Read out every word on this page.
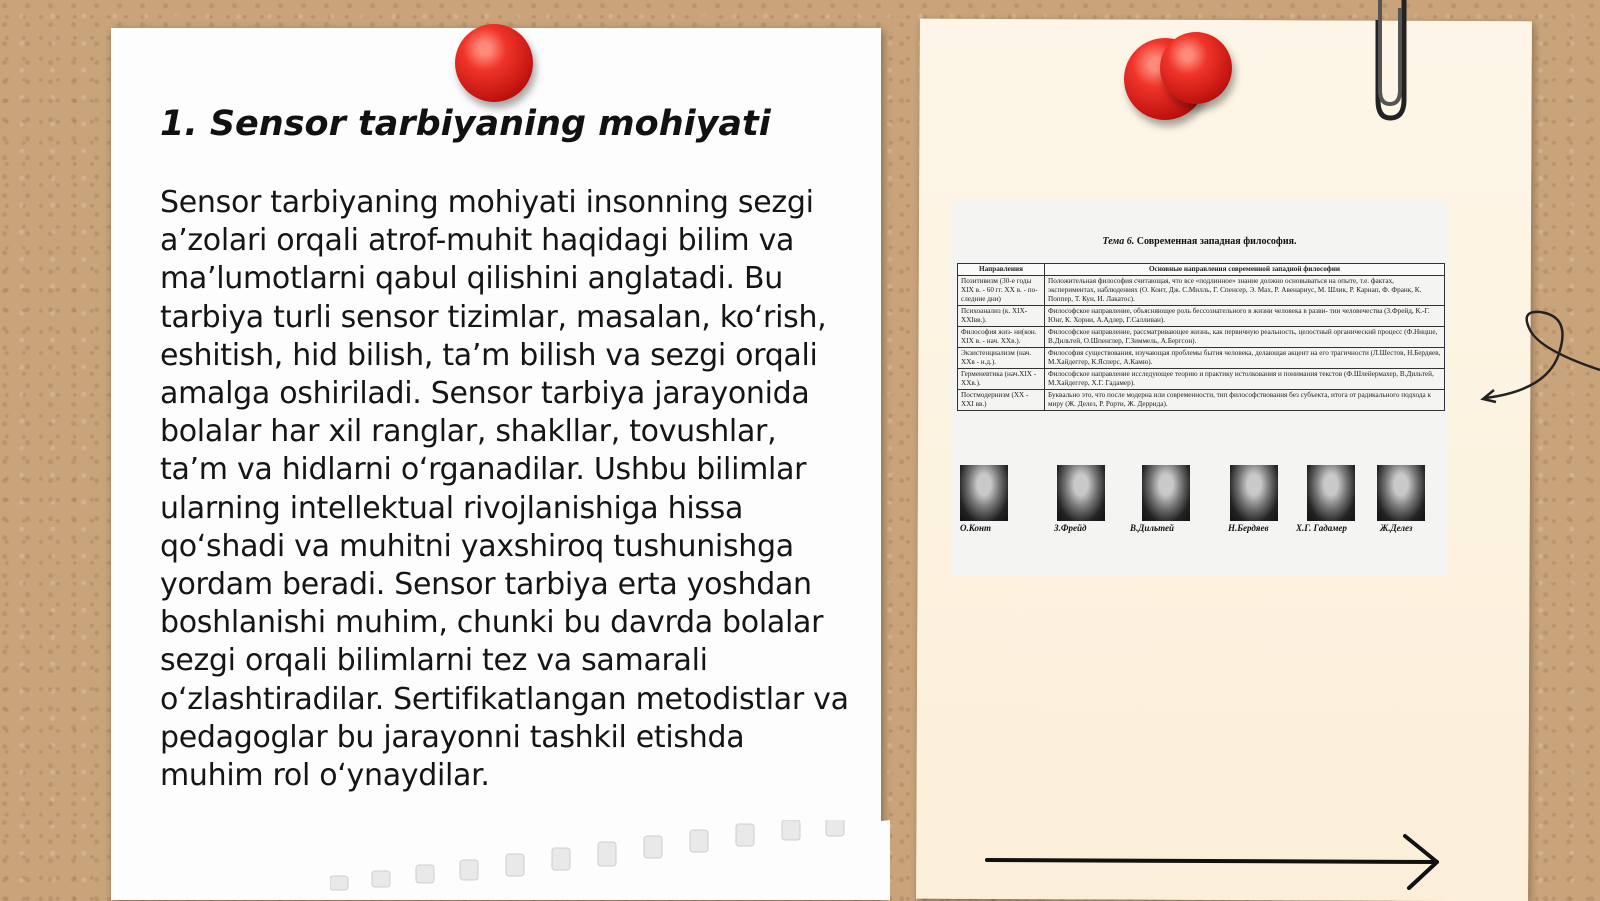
1. Sensor tarbiyaning mohiyati

Sensor tarbiyaning mohiyati insonning sezgi a’zolari orqali atrof-muhit haqidagi bilim va ma’lumotlarni qabul qilishini anglatadi. Bu tarbiya turli sensor tizimlar, masalan, ko‘rish, eshitish, hid bilish, ta’m bilish va sezgi orqali amalga oshiriladi. Sensor tarbiya jarayonida bolalar har xil ranglar, shakllar, tovushlar, ta’m va hidlarni o‘rganadilar. Ushbu bilimlar ularning intellektual rivojlanishiga hissa qo‘shadi va muhitni yaxshiroq tushunishga yordam beradi. Sensor tarbiya erta yoshdan boshlanishi muhim, chunki bu davrda bolalar sezgi orqali bilimlarni tez va samarali o‘zlashtiradilar. Sertifikatlangan metodistlar va pedagoglar bu jarayonni tashkil etishda muhim rol o‘ynaydilar.

Тема 6. Современная западная философия.
Направления	Основные направления современной западной философии
Позитивизм (30-е годы XIX в. - 60 гг. XX в. - по- следние дни)	Положительная философия считающая, что все «подлинное» знание должно основываться на опыте, т.е. фактах, экспериментах, наблюдениях (О. Конт, Дж. С.Милль, Г. Спенсер, Э. Мах, Р. Авенариус, М. Шлик, Р. Карнап, Ф. Франк, К. Поппер, Т. Кун, И. Лакатос).
Психоанализ (к. XIX-XXIвв.).	Философское направление, объясняющее роль бессознательного в жизни человека в разви- тии человечества (З.Фрейд, К.-Г. Юнг, К. Хорни, А.Адлер, Г.Салливан).
Философия жиз- ни(кон. XIX в. - нач. XXв.).	Философское направление, рассматривающее жизнь, как первичную реальность, целостный органический процесс (Ф.Ницше, В.Дильтей, О.Шпенглер, Г.Зиммель, А.Бергсон).
Экзистенциализм (нач. XXв - н.д.).	Философия существования, изучающая проблемы бытия человека, делающая акцент на его трагичности (Л.Шестов, Н.Бердяев, М.Хайдеггер, К.Ясперс, А.Камю).
Герменевтика (нач.XIX - XXв.).	Философское направление исследующее теорию и практику истолкования и понимания текстов (Ф.Шлейермахер, В.Дильтей, М.Хайдеггер, Х.Г. Гадамер).
Постмодернизм (XX - XXI вв.)	Буквально это, что после модерна или современности, тип философствования без субъекта, итога от радикального подхода к миру (Ж. Делез, Р. Рорти, Ж. Деррида).
О.Конт	З.Фрейд	В.Дильтей	Н.Бердяев	Х.Г. Гадамер	Ж.Делез
